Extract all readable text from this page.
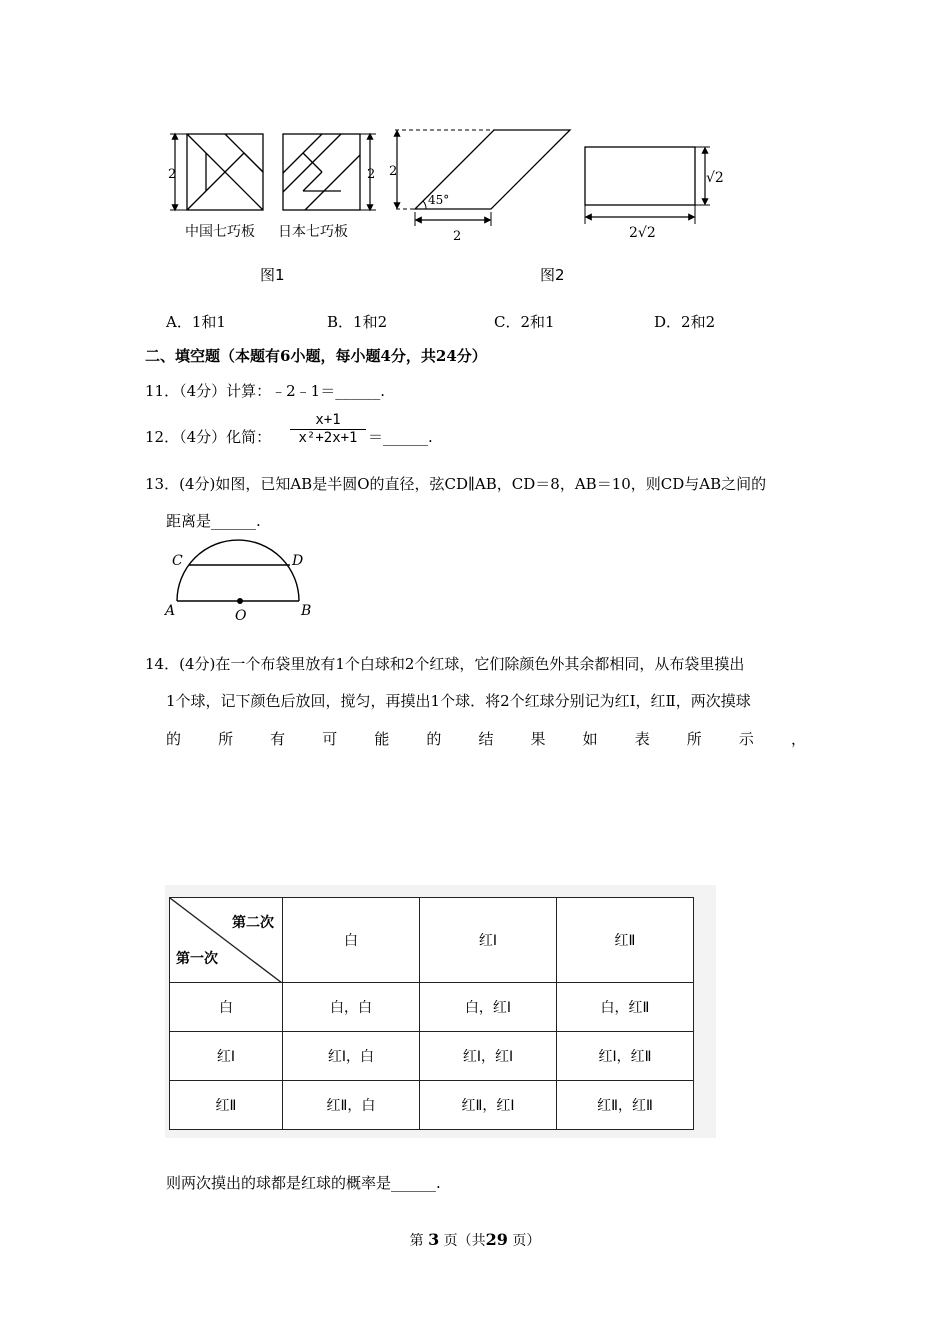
2	2
中国七巧板 日本七巧板
图1
2
45°
2
√2
2√2
图2
A．1和1	B．1和2	C．2和1	D．2和2
二、填空题（本题有6小题，每小题4分，共24分）
11．（4分）计算：﹣2﹣1＝______.
12．（4分）化简：
x+1
x²+2x+1 ＝______.
13．(4分)如图，已知AB是半圆O的直径，弦CD∥AB，CD＝8，AB＝10，则CD与AB之间的
距离是______.
C	D
A	B
O
14．(4分)在一个布袋里放有1个白球和2个红球，它们除颜色外其余都相同，从布袋里摸出
1个球，记下颜色后放回，搅匀，再摸出1个球．将2个红球分别记为红Ⅰ，红Ⅱ，两次摸球
的 所 有 可 能 的 结 果 如 表 所 示 ，
第二次
第一次	白	红Ⅰ	红Ⅱ
白	白，白	白，红Ⅰ	白，红Ⅱ
红Ⅰ	红Ⅰ，白	红Ⅰ，红Ⅰ	红Ⅰ，红Ⅱ
红Ⅱ	红Ⅱ，白	红Ⅱ，红Ⅰ	红Ⅱ，红Ⅱ
则两次摸出的球都是红球的概率是______.
第 3 页（共29 页）
